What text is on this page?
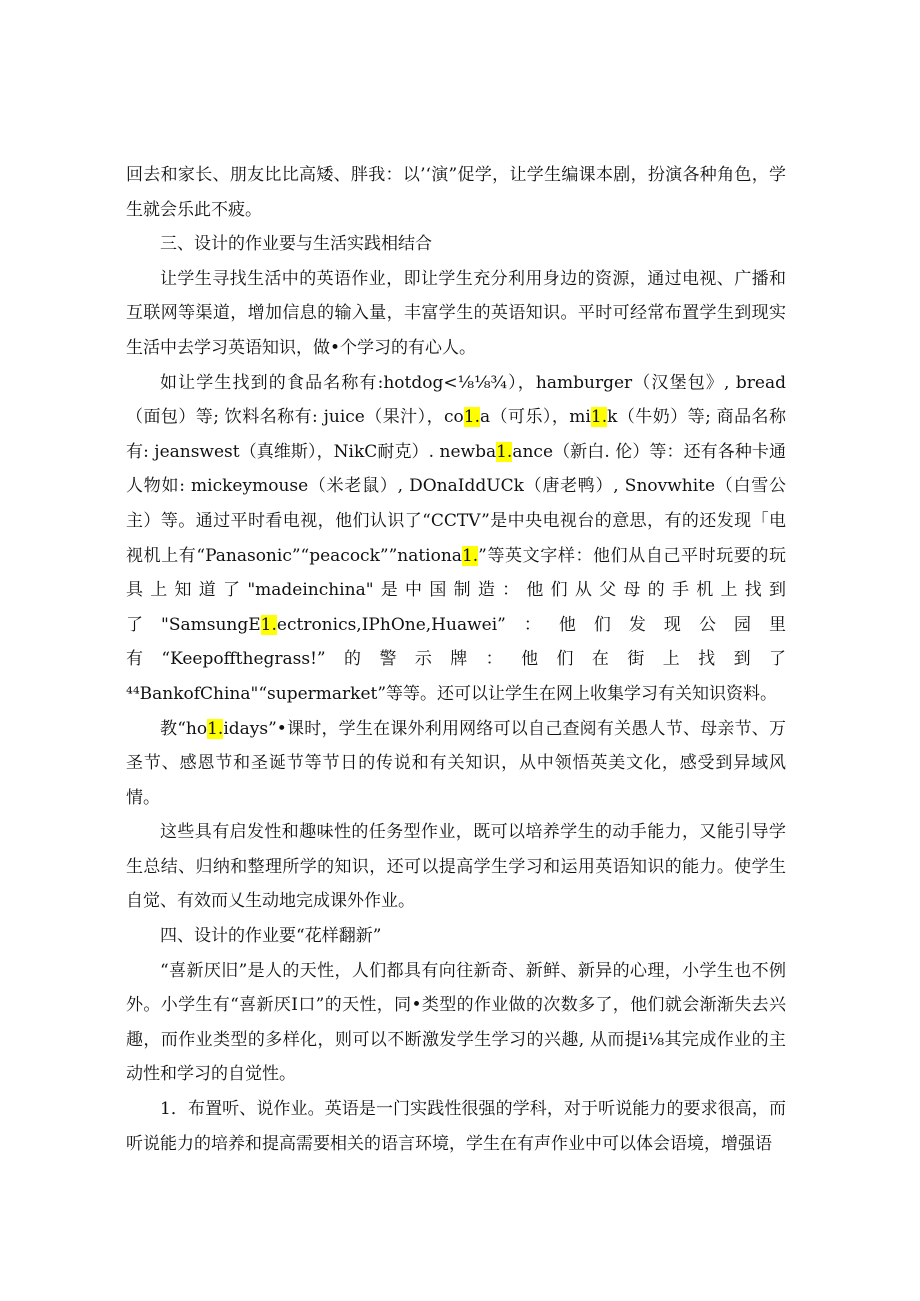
回去和家长、朋友比比高矮、胖我：以’‘演”促学，让学生编课本剧，扮演各种角色，学生就会乐此不疲。

三、设计的作业要与生活实践相结合

让学生寻找生活中的英语作业，即让学生充分利用身边的资源，通过电视、广播和互联网等渠道，增加信息的输入量，丰富学生的英语知识。平时可经常布置学生到现实生活中去学习英语知识，做•个学习的有心人。

如让学生找到的食品名称有:hotdog<⅛⅛¾），hamburger（汉堡包》, bread（面包）等; 饮料名称有: juice（果汁），co1.a（可乐），mi1.k（牛奶）等; 商品名称有: jeanswest（真维斯），NikC耐克）. newba1.ance（新白. 伦）等：还有各种卡通人物如: mickeymouse（米老鼠）, DOnaIddUCk（唐老鸭）, Snovwhite（白雪公主）等。通过平时看电视，他们认识了“CCTV”是中央电视台的意思，有的还发现「电视机上有“Panasonic”“peacock””nationa1.”等英文字样：他们从自己平时玩要的玩具上知道了"madeinchina"是中国制造：他们从父母的手机上找到了"SamsungE1.ectronics,IPhOne,Huawei”：他们发现公园里有“Keepoffthegrass!”的警示牌：他们在街上找到了⁴⁴BankofChina"“supermarket”等等。还可以让学生在网上收集学习有关知识资料。

教“ho1.idays”•课时，学生在课外利用网络可以自己查阅有关愚人节、母亲节、万圣节、感恩节和圣诞节等节日的传说和有关知识，从中领悟英美文化，感受到异域风情。

这些具有启发性和趣味性的任务型作业，既可以培养学生的动手能力，又能引导学生总结、归纳和整理所学的知识，还可以提高学生学习和运用英语知识的能力。使学生自觉、有效而乂生动地完成课外作业。

四、设计的作业要“花样翻新”

“喜新厌旧”是人的天性，人们都具有向往新奇、新鲜、新异的心理，小学生也不例外。小学生有“喜新厌I口”的天性，同•类型的作业做的次数多了，他们就会渐渐失去兴趣，而作业类型的多样化，则可以不断激发学生学习的兴趣, 从而提i⅛其完成作业的主动性和学习的自觉性。

1．布置听、说作业。英语是一门实践性很强的学科，对于听说能力的要求很高，而听说能力的培养和提高需要相关的语言环境，学生在有声作业中可以体会语境，增强语
